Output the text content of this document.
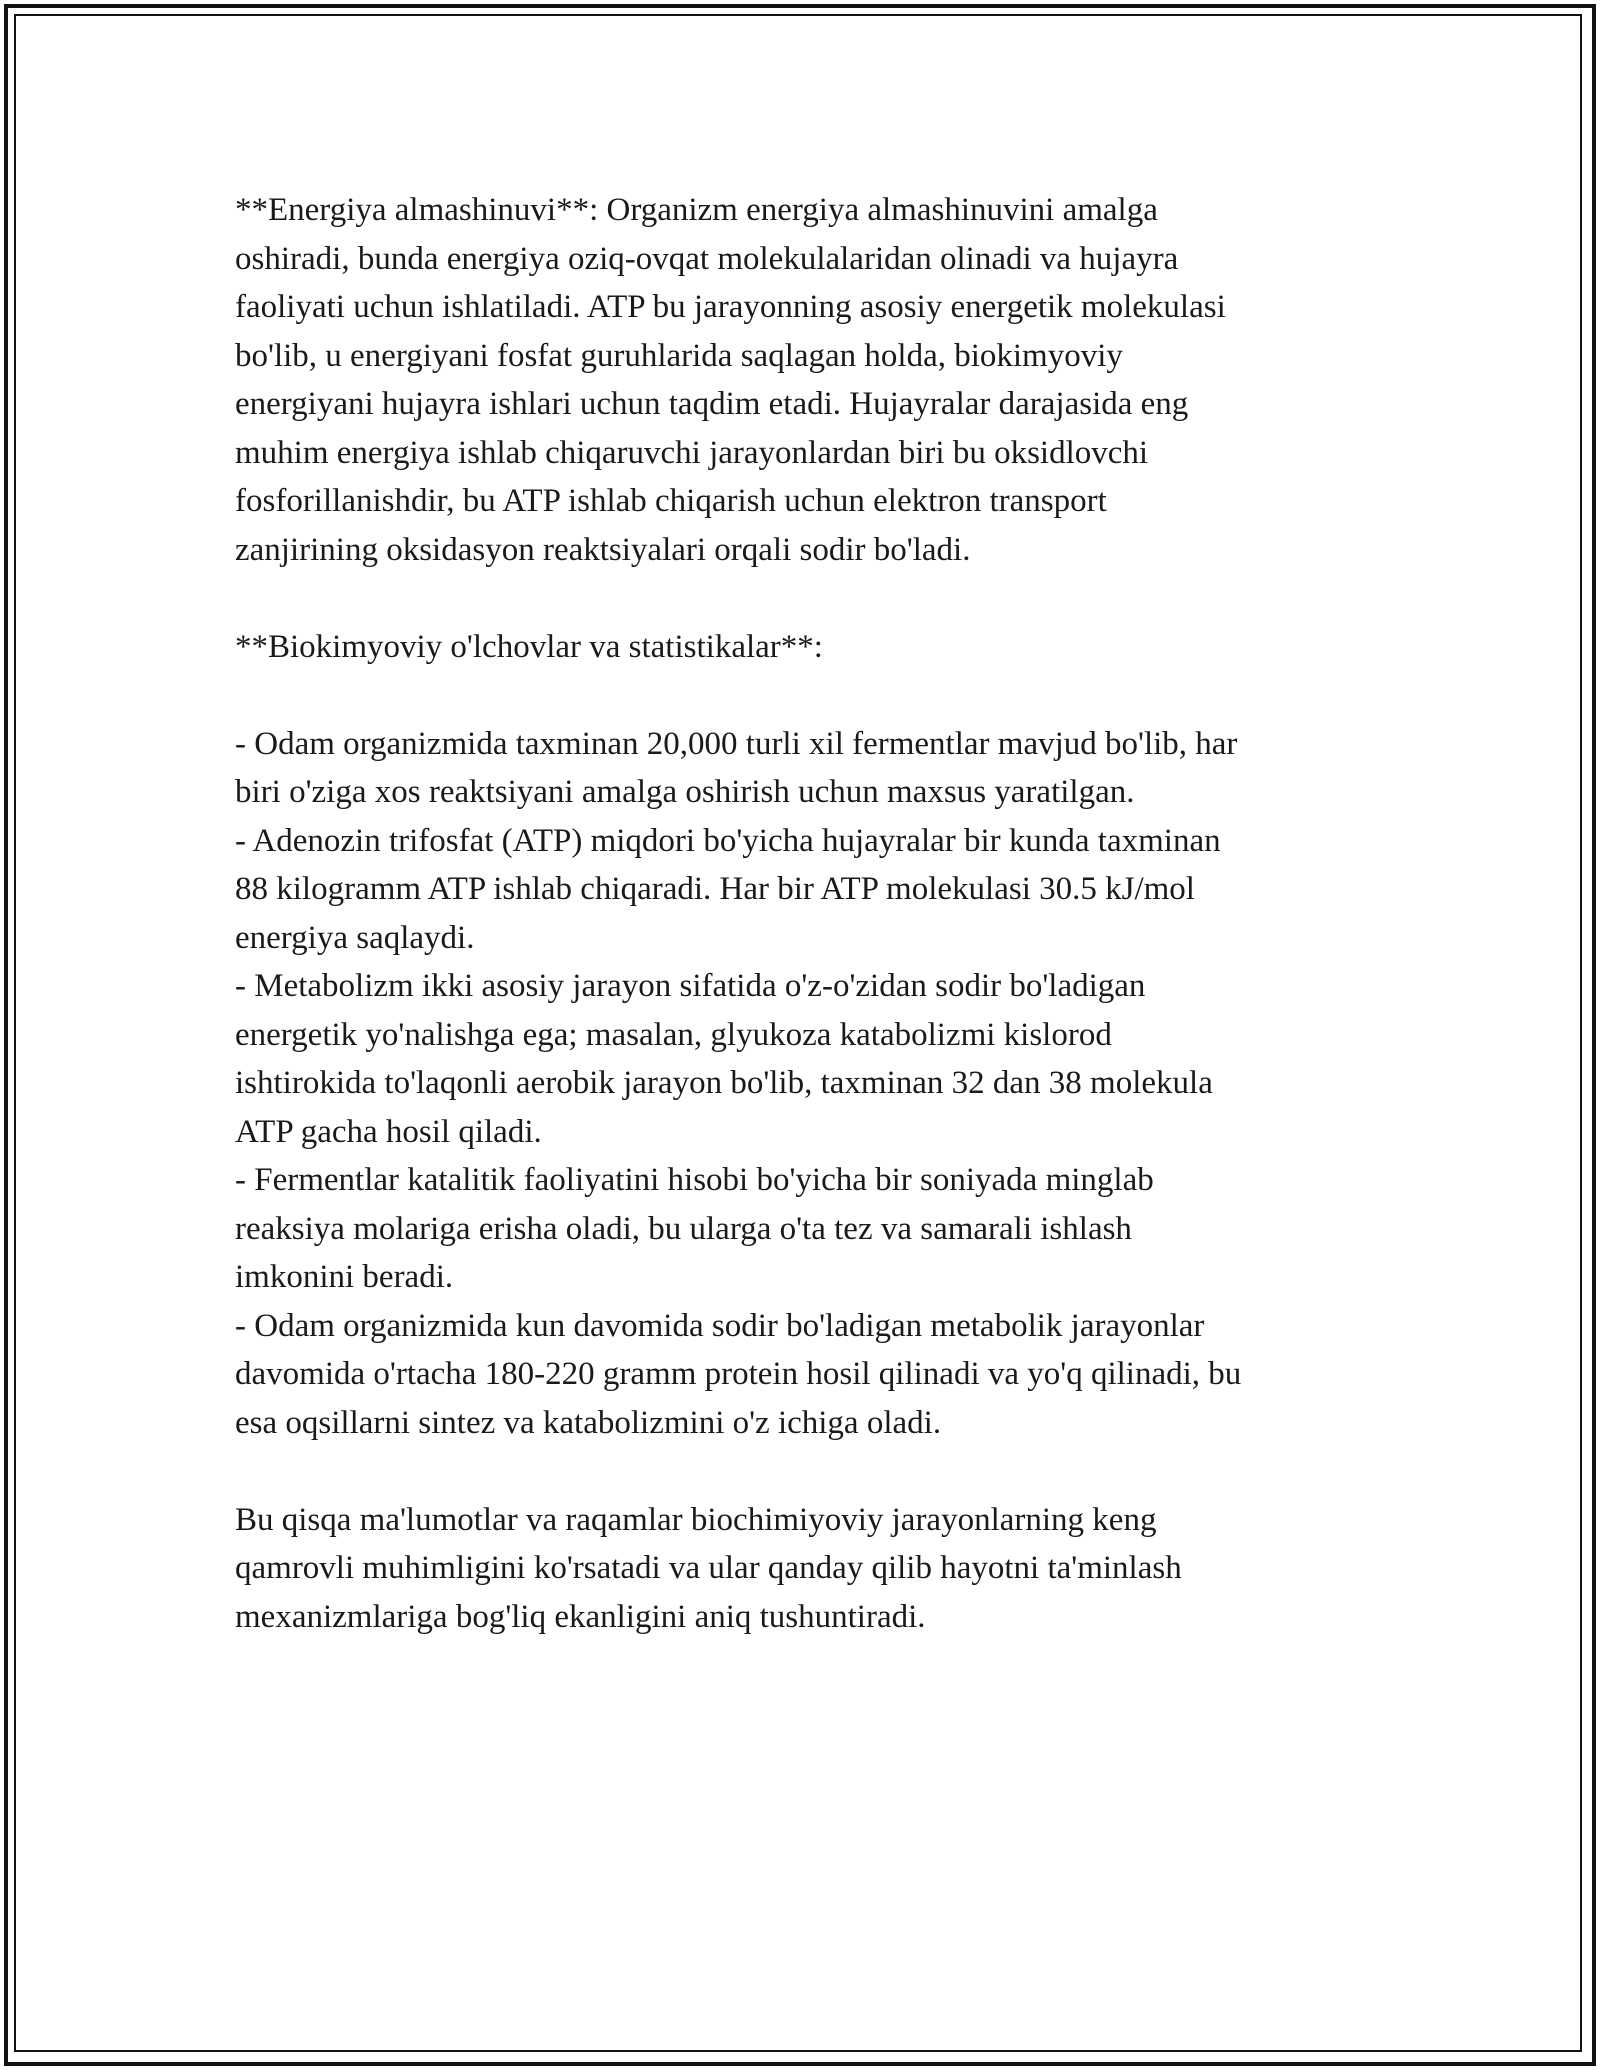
**Energiya almashinuvi**: Organizm energiya almashinuvini amalga
oshiradi, bunda energiya oziq-ovqat molekulalaridan olinadi va hujayra
faoliyati uchun ishlatiladi. ATP bu jarayonning asosiy energetik molekulasi
bo'lib, u energiyani fosfat guruhlarida saqlagan holda, biokimyoviy
energiyani hujayra ishlari uchun taqdim etadi. Hujayralar darajasida eng
muhim energiya ishlab chiqaruvchi jarayonlardan biri bu oksidlovchi
fosforillanishdir, bu ATP ishlab chiqarish uchun elektron transport
zanjirining oksidasyon reaktsiyalari orqali sodir bo'ladi.

**Biokimyoviy o'lchovlar va statistikalar**:

- Odam organizmida taxminan 20,000 turli xil fermentlar mavjud bo'lib, har
biri o'ziga xos reaktsiyani amalga oshirish uchun maxsus yaratilgan.

- Adenozin trifosfat (ATP) miqdori bo'yicha hujayralar bir kunda taxminan
88 kilogramm ATP ishlab chiqaradi. Har bir ATP molekulasi 30.5 kJ/mol
energiya saqlaydi.

- Metabolizm ikki asosiy jarayon sifatida o'z-o'zidan sodir bo'ladigan
energetik yo'nalishga ega; masalan, glyukoza katabolizmi kislorod
ishtirokida to'laqonli aerobik jarayon bo'lib, taxminan 32 dan 38 molekula
ATP gacha hosil qiladi.

- Fermentlar katalitik faoliyatini hisobi bo'yicha bir soniyada minglab
reaksiya molariga erisha oladi, bu ularga o'ta tez va samarali ishlash
imkonini beradi.

- Odam organizmida kun davomida sodir bo'ladigan metabolik jarayonlar
davomida o'rtacha 180-220 gramm protein hosil qilinadi va yo'q qilinadi, bu
esa oqsillarni sintez va katabolizmini o'z ichiga oladi.

Bu qisqa ma'lumotlar va raqamlar biochimiyoviy jarayonlarning keng
qamrovli muhimligini ko'rsatadi va ular qanday qilib hayotni ta'minlash
mexanizmlariga bog'liq ekanligini aniq tushuntiradi.
